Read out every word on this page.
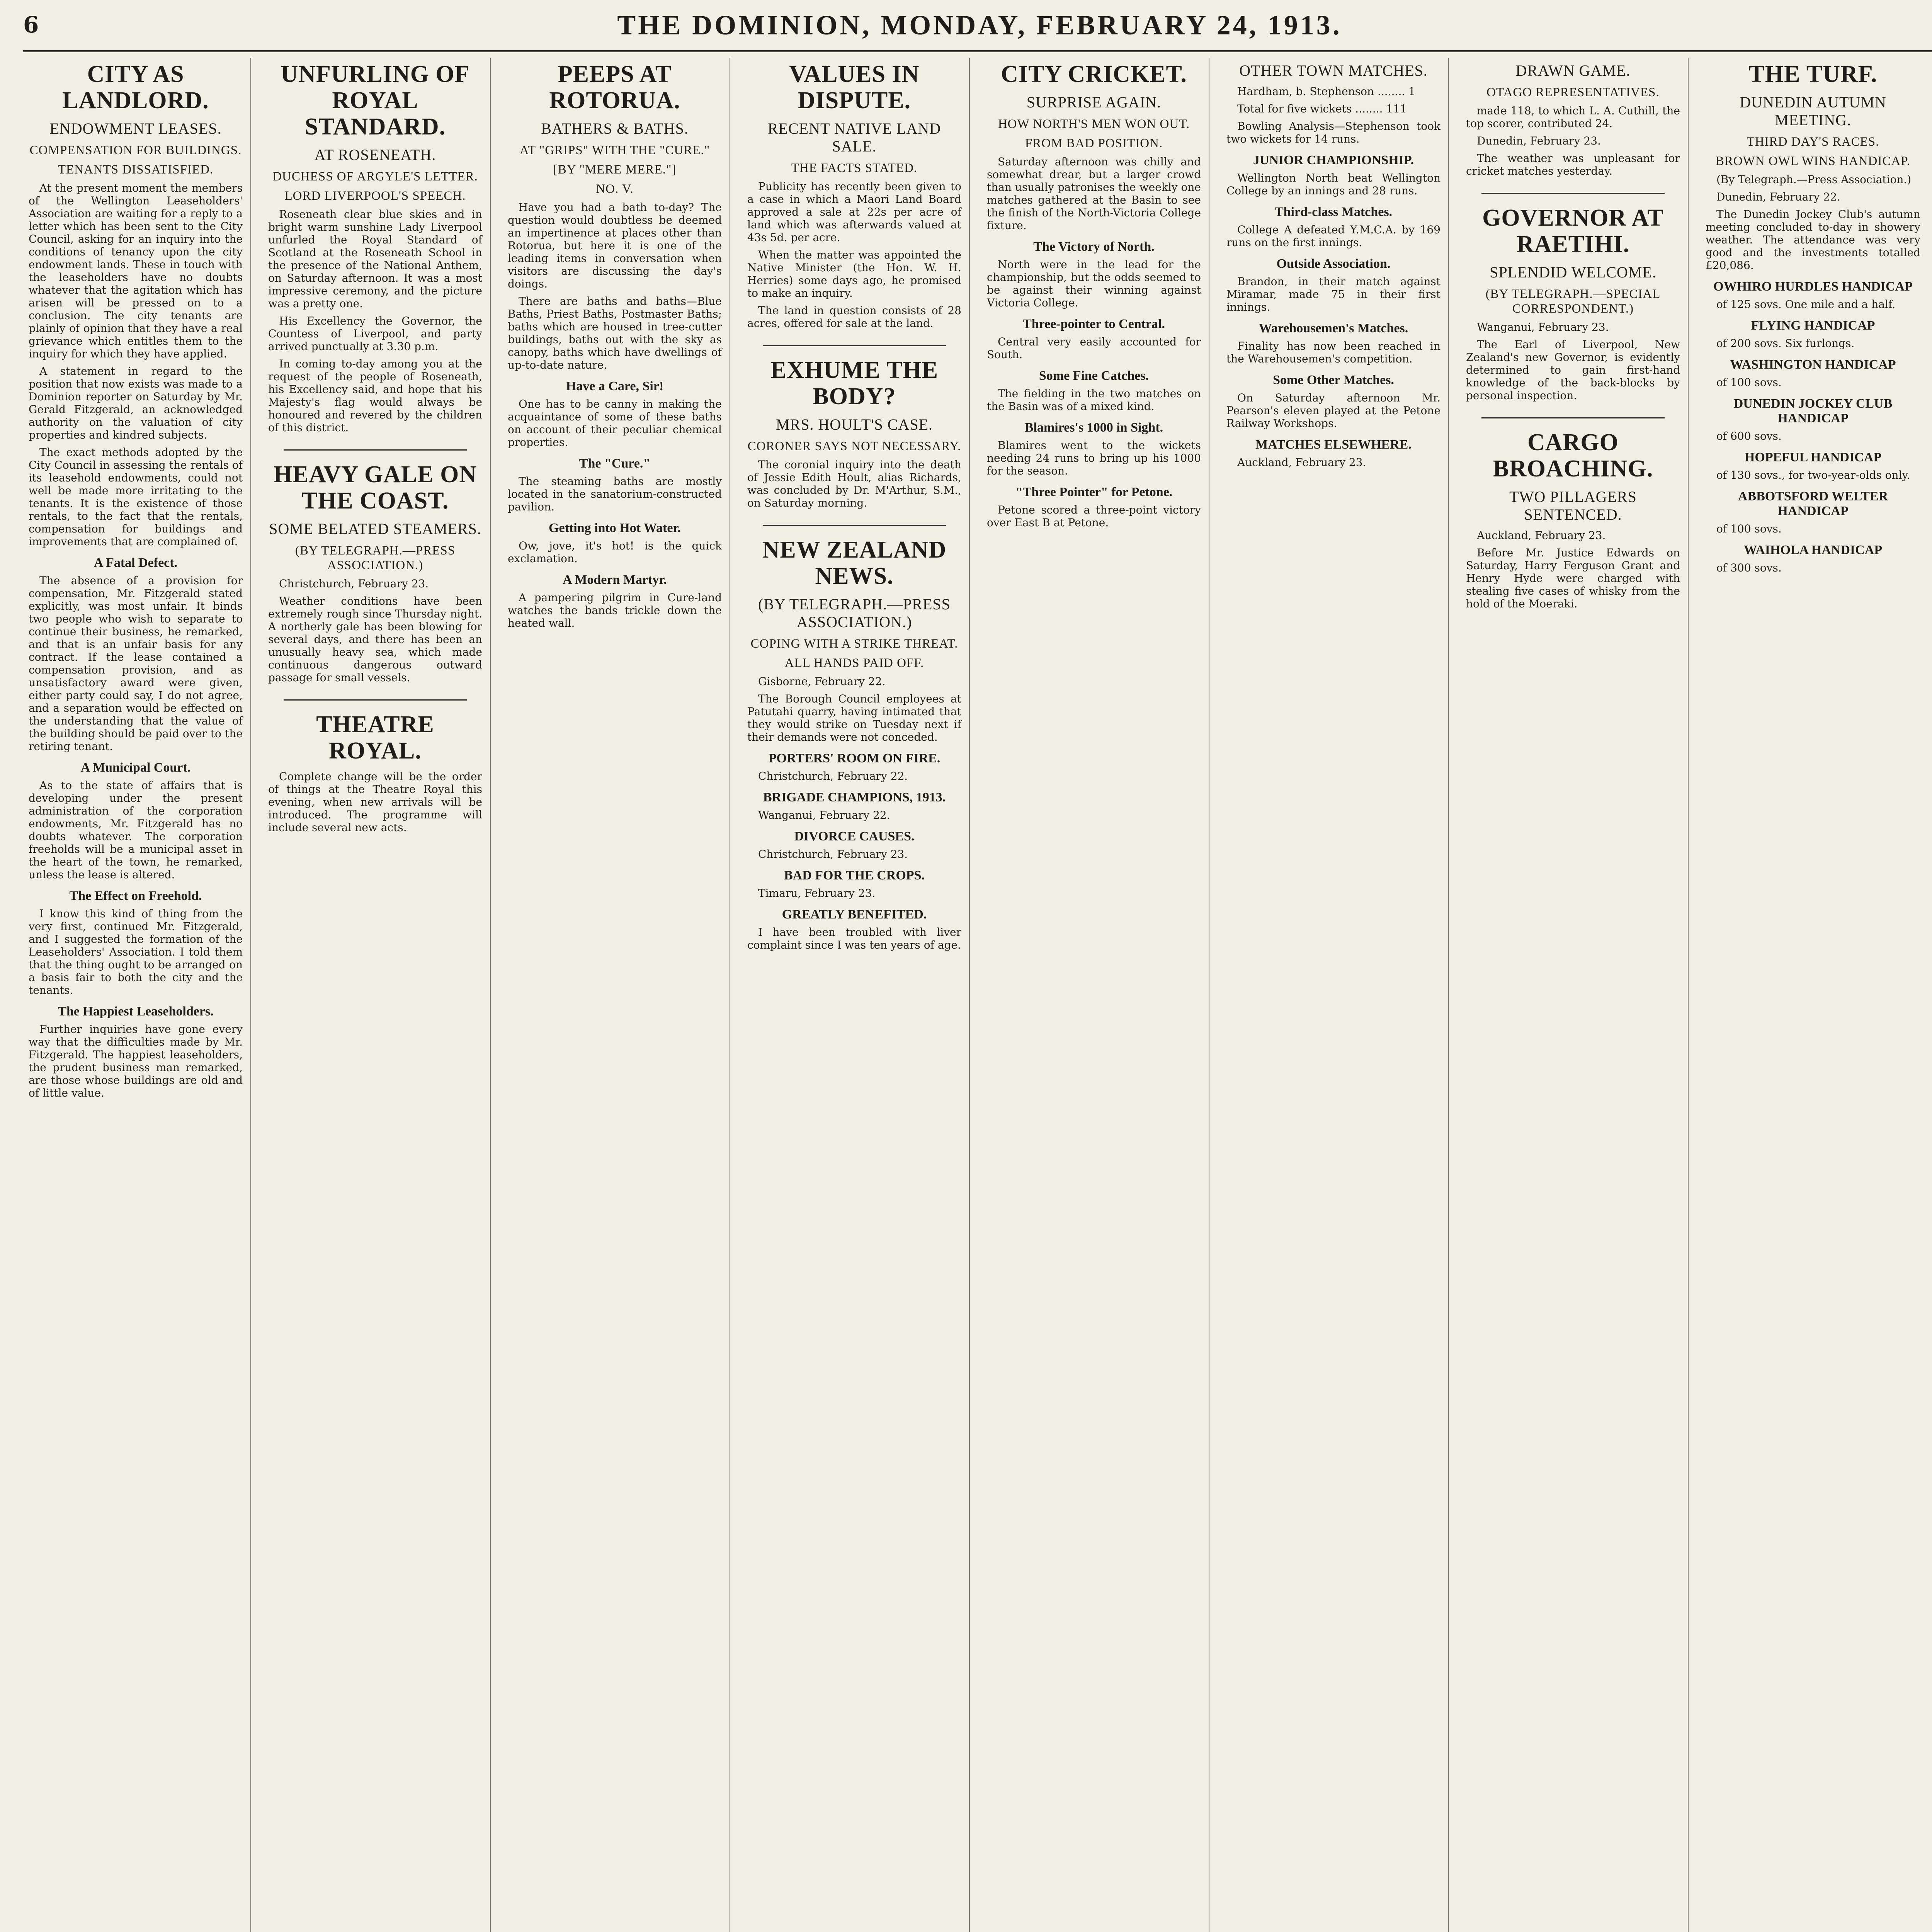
6	THE DOMINION, MONDAY, FEBRUARY 24, 1913.
CITY AS LANDLORD.
ENDOWMENT LEASES.
COMPENSATION FOR BUILDINGS.
TENANTS DISSATISFIED.

At the present moment the members of the Wellington Leaseholders' Association are waiting for a reply to a letter which has been sent to the City Council, asking for an inquiry into the conditions of tenancy upon the city endowment lands. These in touch with the leaseholders have no doubts whatever that the agitation which has arisen will be pressed on to a conclusion. The city tenants are plainly of opinion that they have a real grievance which entitles them to the inquiry for which they have applied.

A statement in regard to the position that now exists was made to a Dominion reporter on Saturday by Mr. Gerald Fitzgerald, an acknowledged authority on the valuation of city properties and kindred subjects.

The exact methods adopted by the City Council in assessing the rentals of its leasehold endowments, could not well be made more irritating to the tenants. It is the existence of those rentals, to the fact that the rentals, compensation for buildings and improvements that are complained of.

A Fatal Defect.

The absence of a provision for compensation, Mr. Fitzgerald stated explicitly, was most unfair. It binds two people who wish to separate to continue their business, he remarked, and that is an unfair basis for any contract. If the lease contained a compensation provision, and as unsatisfactory award were given, either party could say, I do not agree, and a separation would be effected on the understanding that the value of the building should be paid over to the retiring tenant.

A Municipal Court.

As to the state of affairs that is developing under the present administration of the corporation endowments, Mr. Fitzgerald has no doubts whatever. The corporation freeholds will be a municipal asset in the heart of the town, he remarked, unless the lease is altered.

The Effect on Freehold.

I know this kind of thing from the very first, continued Mr. Fitzgerald, and I suggested the formation of the Leaseholders' Association. I told them that the thing ought to be arranged on a basis fair to both the city and the tenants.

The Happiest Leaseholders.

Further inquiries have gone every way that the difficulties made by Mr. Fitzgerald. The happiest leaseholders, the prudent business man remarked, are those whose buildings are old and of little value.

UNFURLING OF ROYAL STANDARD.
AT ROSENEATH.
DUCHESS OF ARGYLE'S LETTER.
LORD LIVERPOOL'S SPEECH.

Roseneath clear blue skies and in bright warm sunshine Lady Liverpool unfurled the Royal Standard of Scotland at the Roseneath School in the presence of the National Anthem, on Saturday afternoon. It was a most impressive ceremony, and the picture was a pretty one.

His Excellency the Governor, the Countess of Liverpool, and party arrived punctually at 3.30 p.m.

In coming to-day among you at the request of the people of Roseneath, his Excellency said, and hope that his Majesty's flag would always be honoured and revered by the children of this district.

HEAVY GALE ON THE COAST.
SOME BELATED STEAMERS.
(BY TELEGRAPH.—PRESS ASSOCIATION.)

Christchurch, February 23.

Weather conditions have been extremely rough since Thursday night. A northerly gale has been blowing for several days, and there has been an unusually heavy sea, which made continuous dangerous outward passage for small vessels.

THEATRE ROYAL.

Complete change will be the order of things at the Theatre Royal this evening, when new arrivals will be introduced. The programme will include several new acts.

PEEPS AT ROTORUA.
BATHERS & BATHS.
AT "GRIPS" WITH THE "CURE."
[BY "MERE MERE."]
NO. V.

Have you had a bath to-day? The question would doubtless be deemed an impertinence at places other than Rotorua, but here it is one of the leading items in conversation when visitors are discussing the day's doings.

There are baths and baths—Blue Baths, Priest Baths, Postmaster Baths; baths which are housed in tree-cutter buildings, baths out with the sky as canopy, baths which have dwellings of up-to-date nature.

Have a Care, Sir!

One has to be canny in making the acquaintance of some of these baths on account of their peculiar chemical properties.

The "Cure."

The steaming baths are mostly located in the sanatorium-constructed pavilion.

Getting into Hot Water.

Ow, jove, it's hot! is the quick exclamation.

A Modern Martyr.

A pampering pilgrim in Cure-land watches the bands trickle down the heated wall.

VALUES IN DISPUTE.
RECENT NATIVE LAND SALE.
THE FACTS STATED.

Publicity has recently been given to a case in which a Maori Land Board approved a sale at 22s per acre of land which was afterwards valued at 43s 5d. per acre.

When the matter was appointed the Native Minister (the Hon. W. H. Herries) some days ago, he promised to make an inquiry.

The land in question consists of 28 acres, offered for sale at the land.

EXHUME THE BODY?
MRS. HOULT'S CASE.
CORONER SAYS NOT NECESSARY.

The coronial inquiry into the death of Jessie Edith Hoult, alias Richards, was concluded by Dr. M'Arthur, S.M., on Saturday morning.

NEW ZEALAND NEWS.
(BY TELEGRAPH.—PRESS ASSOCIATION.)
COPING WITH A STRIKE THREAT.
ALL HANDS PAID OFF.

Gisborne, February 22.

The Borough Council employees at Patutahi quarry, having intimated that they would strike on Tuesday next if their demands were not conceded.

PORTERS' ROOM ON FIRE.

Christchurch, February 22.

BRIGADE CHAMPIONS, 1913.

Wanganui, February 22.

DIVORCE CAUSES.

Christchurch, February 23.

BAD FOR THE CROPS.

Timaru, February 23.

GREATLY BENEFITED.

I have been troubled with liver complaint since I was ten years of age.

CITY CRICKET.
SURPRISE AGAIN.
HOW NORTH'S MEN WON OUT.
FROM BAD POSITION.

Saturday afternoon was chilly and somewhat drear, but a larger crowd than usually patronises the weekly one matches gathered at the Basin to see the finish of the North-Victoria College fixture.

The Victory of North.

North were in the lead for the championship, but the odds seemed to be against their winning against Victoria College.

Three-pointer to Central.

Central very easily accounted for South.

Some Fine Catches.

The fielding in the two matches on the Basin was of a mixed kind.

Blamires's 1000 in Sight.

Blamires went to the wickets needing 24 runs to bring up his 1000 for the season.

"Three Pointer" for Petone.

Petone scored a three-point victory over East B at Petone.

OTHER TOWN MATCHES.

Hardham, b. Stephenson ........ 1

Total for five wickets ........ 111

Bowling Analysis—Stephenson took two wickets for 14 runs.

JUNIOR CHAMPIONSHIP.

Wellington North beat Wellington College by an innings and 28 runs.

Third-class Matches.

College A defeated Y.M.C.A. by 169 runs on the first innings.

Outside Association.

Brandon, in their match against Miramar, made 75 in their first innings.

Warehousemen's Matches.

Finality has now been reached in the Warehousemen's competition.

Some Other Matches.

On Saturday afternoon Mr. Pearson's eleven played at the Petone Railway Workshops.

MATCHES ELSEWHERE.

Auckland, February 23.

DRAWN GAME.
OTAGO REPRESENTATIVES.

made 118, to which L. A. Cuthill, the top scorer, contributed 24.

Dunedin, February 23.

The weather was unpleasant for cricket matches yesterday.

GOVERNOR AT RAETIHI.
SPLENDID WELCOME.
(BY TELEGRAPH.—SPECIAL CORRESPONDENT.)

Wanganui, February 23.

The Earl of Liverpool, New Zealand's new Governor, is evidently determined to gain first-hand knowledge of the back-blocks by personal inspection.

CARGO BROACHING.
TWO PILLAGERS SENTENCED.

Auckland, February 23.

Before Mr. Justice Edwards on Saturday, Harry Ferguson Grant and Henry Hyde were charged with stealing five cases of whisky from the hold of the Moeraki.

THE TURF.
DUNEDIN AUTUMN MEETING.
THIRD DAY'S RACES.
BROWN OWL WINS HANDICAP.

(By Telegraph.—Press Association.)

Dunedin, February 22.

The Dunedin Jockey Club's autumn meeting concluded to-day in showery weather. The attendance was very good and the investments totalled £20,086.

OWHIRO HURDLES HANDICAP

of 125 sovs. One mile and a half.

FLYING HANDICAP

of 200 sovs. Six furlongs.

WASHINGTON HANDICAP

of 100 sovs.

DUNEDIN JOCKEY CLUB HANDICAP

of 600 sovs.

HOPEFUL HANDICAP

of 130 sovs., for two-year-olds only.

ABBOTSFORD WELTER HANDICAP

of 100 sovs.

WAIHOLA HANDICAP

of 300 sovs.
